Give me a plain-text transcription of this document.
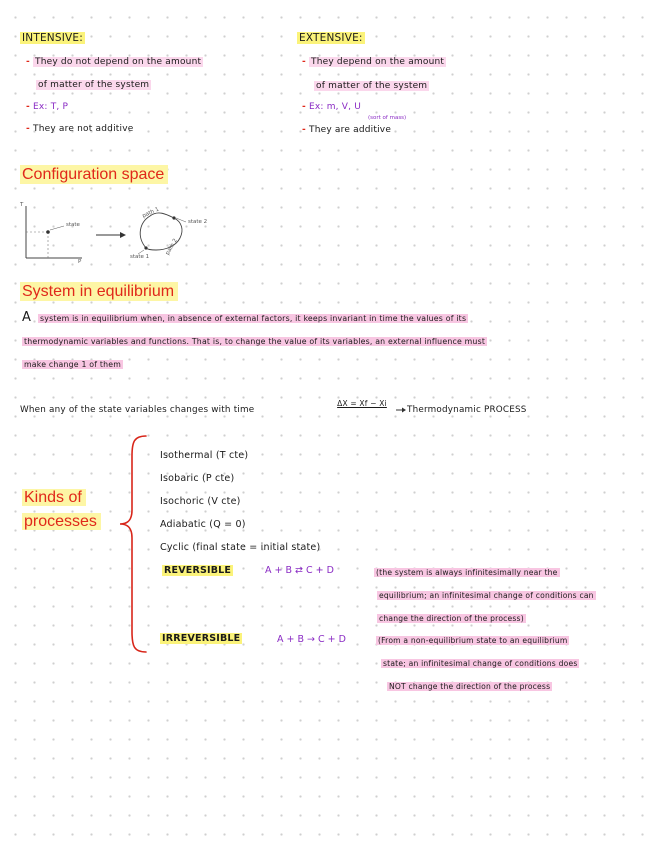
INTENSIVE:
- They do not depend on the amount
of matter of the system
- Ex: T, P
- They are not additive
EXTENSIVE:
- They depend on the amount
of matter of the system
- Ex: m, V, U
(sort of mass)
- They are additive
Configuration space
T
P
state	state 2
state 1
path 1
path 2
System in equilibrium
A system is in equilibrium when, in absence of external factors, it keeps invariant in time the values of its
thermodynamic variables and functions. That is, to change the value of its variables, an external influence must
make change 1 of them
When any of the state variables changes with time
ΔX = Xf − Xi
Thermodynamic PROCESS
Kinds of
processes
Isothermal (T cte)
Isobaric (P cte)
Isochoric (V cte)
Adiabatic (Q = 0)
Cyclic (final state = initial state)
REVERSIBLE	A + B ⇄ C + D	(the system is always infinitesimally near the
equilibrium; an infinitesimal change of conditions can
change the direction of the process)
IRREVERSIBLE	A + B → C + D	(From a non-equilibrium state to an equilibrium
state; an infinitesimal change of conditions does
NOT change the direction of the process
